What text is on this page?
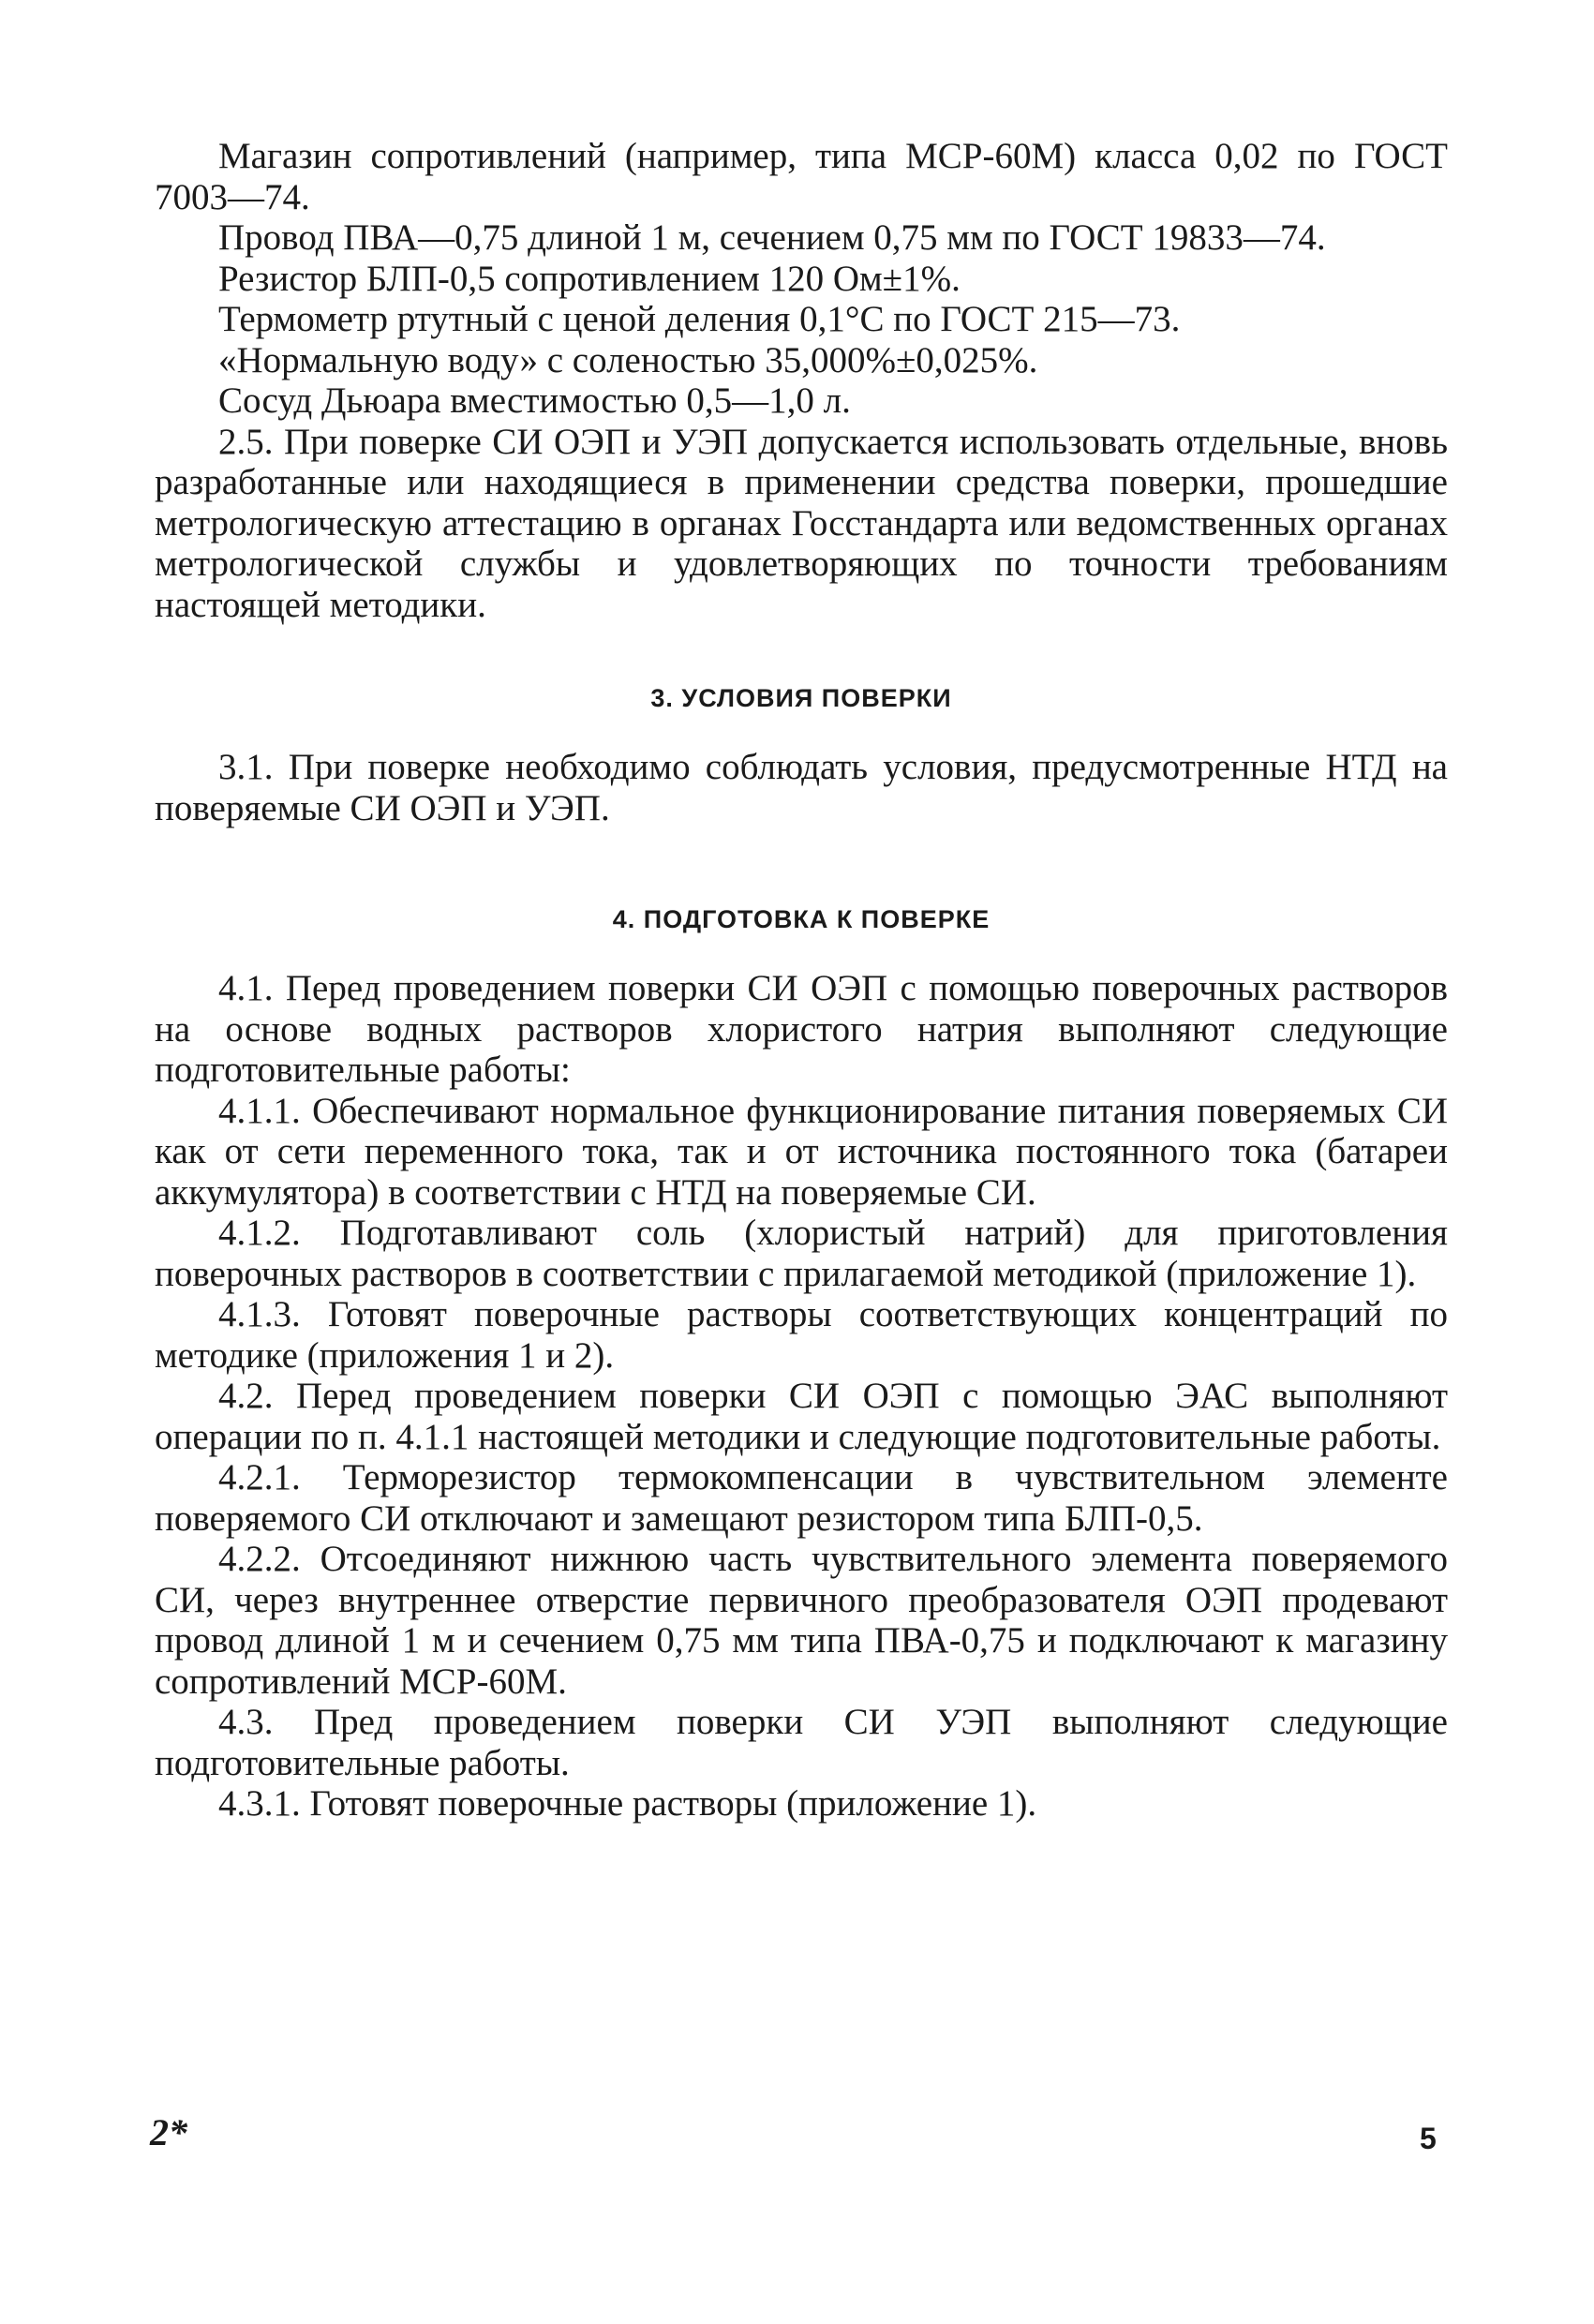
Магазин сопротивлений (например, типа МСР-60М) класса 0,02 по ГОСТ 7003—74.

Провод ПВА—0,75 длиной 1 м, сечением 0,75 мм по ГОСТ 19833—74.

Резистор БЛП-0,5 сопротивлением 120 Ом±1%.

Термометр ртутный с ценой деления 0,1°С по ГОСТ 215—73.

«Нормальную воду» с соленостью 35,000%±0,025%.

Сосуд Дьюара вместимостью 0,5—1,0 л.

2.5. При поверке СИ ОЭП и УЭП допускается использовать отдельные, вновь разработанные или находящиеся в применении средства поверки, прошедшие метрологическую аттестацию в органах Госстандарта или ведомственных органах метрологической службы и удовлетворяющих по точности требованиям настоящей методики.

3. УСЛОВИЯ ПОВЕРКИ

3.1. При поверке необходимо соблюдать условия, предусмотренные НТД на поверяемые СИ ОЭП и УЭП.

4. ПОДГОТОВКА К ПОВЕРКЕ

4.1. Перед проведением поверки СИ ОЭП с помощью поверочных растворов на основе водных растворов хлористого натрия выполняют следующие подготовительные работы:

4.1.1. Обеспечивают нормальное функционирование питания поверяемых СИ как от сети переменного тока, так и от источника постоянного тока (батареи аккумулятора) в соответствии с НТД на поверяемые СИ.

4.1.2. Подготавливают соль (хлористый натрий) для приготовления поверочных растворов в соответствии с прилагаемой методикой (приложение 1).

4.1.3. Готовят поверочные растворы соответствующих концентраций по методике (приложения 1 и 2).

4.2. Перед проведением поверки СИ ОЭП с помощью ЭАС выполняют операции по п. 4.1.1 настоящей методики и следующие подготовительные работы.

4.2.1. Терморезистор термокомпенсации в чувствительном элементе поверяемого СИ отключают и замещают резистором типа БЛП-0,5.

4.2.2. Отсоединяют нижнюю часть чувствительного элемента поверяемого СИ, через внутреннее отверстие первичного преобразователя ОЭП продевают провод длиной 1 м и сечением 0,75 мм типа ПВА-0,75 и подключают к магазину сопротивлений МСР-60М.

4.3. Пред проведением поверки СИ УЭП выполняют следующие подготовительные работы.

4.3.1. Готовят поверочные растворы (приложение 1).

2*	5
